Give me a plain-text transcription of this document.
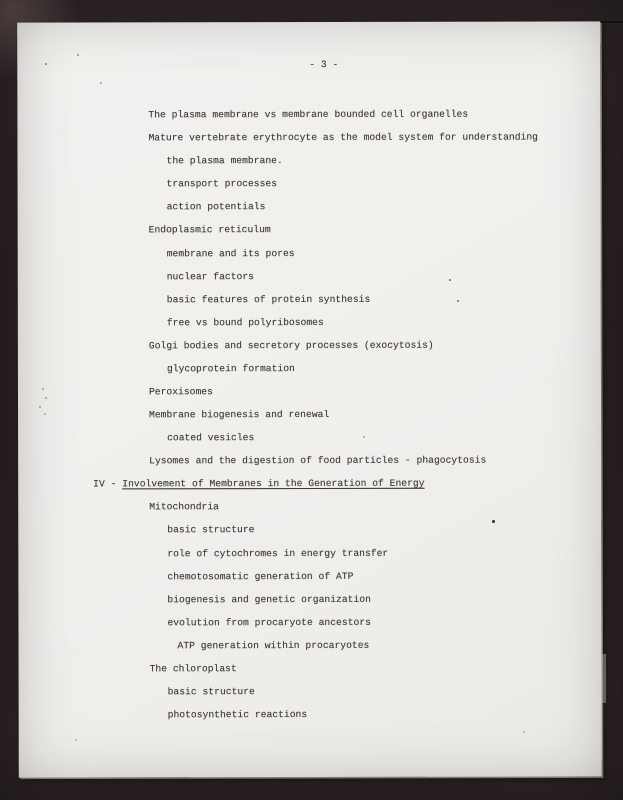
- 3 -
The plasma membrane vs membrane bounded cell organelles
Mature vertebrate erythrocyte as the model system for understanding
the plasma membrane.
transport processes
action potentials
Endoplasmic reticulum
membrane and its pores
nuclear factors
basic features of protein synthesis
free vs bound polyribosomes
Golgi bodies and secretory processes (exocytosis)
glycoprotein formation
Peroxisomes
Membrane biogenesis and renewal
coated vesicles
Lysomes and the digestion of food particles - phagocytosis
IV - Involvement of Membranes in the Generation of Energy
Mitochondria
basic structure
role of cytochromes in energy transfer
chemotosomatic generation of ATP
biogenesis and genetic organization
evolution from procaryote ancestors
ATP generation within procaryotes
The chloroplast
basic structure
photosynthetic reactions
